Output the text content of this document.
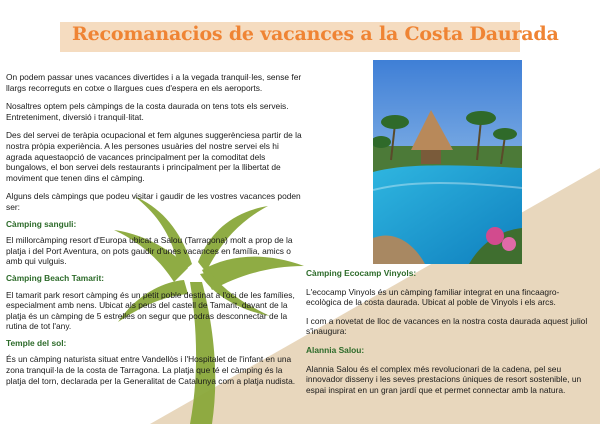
Recomanacios de vacances a la Costa Daurada

On podem passar unes vacances divertides i a la vegada tranquil·les, sense fer llargs recorreguts en cotxe o llargues cues d'espera en els aeroports.

Nosaltres optem pels càmpings de la costa daurada on tens tots els serveis. Entreteniment, diversió i tranquil·litat.

Des del servei de teràpia ocupacional et fem algunes suggerènciesa partir de la nostra pròpia experiència. A les persones usuàries del nostre servei els hi agrada aquestaopció de vacances principalment per la comoditat dels bungalows, el bon servei dels restaurants i principalment per la llibertat de moviment que tenen dins el càmping.

Alguns dels càmpings que podeu visitar i gaudir de les vostres vacances poden ser:

Càmping sanguli:

El millorcàmping resort d'Europa ubicat a Salou (Tarragona) molt a prop de la platja i del Port Aventura, on pots gaudir d'unes vacances en família, amics o amb qui vulguis.

Càmping Beach Tamarit:

El tamarit park resort càmping és un petit poble destinat a l'oci de les famílies, especialment amb nens. Ubicat als peus del castell de Tamarit, davant de la platja és un càmping de 5 estrelles on segur que podras desconnectar de la rutina de tot l'any.

Temple del sol:

És un càmping naturista situat entre Vandellòs i l'Hospitalet de l'infant en una zona tranquil·la de la costa de Tarragona. La platja que té el càmping és la platja del torn, declarada per la Generalitat de Catalunya com a platja nudista.

Càmping Ecocamp Vinyols:

L'ecocamp Vinyols és un càmping familiar integrat en una fincaagro-ecològica de la costa daurada. Ubicat al poble de Vinyols i els arcs.

I com a novetat de lloc de vacances en la nostra costa daurada aquest juliol s'inaugura:

Alannia Salou:

Alannia Salou és el complex més revolucionari de la cadena, pel seu innovador disseny i les seves prestacions úniques de resort sostenible, un espai inspirat en un gran jardí que et permet connectar amb la natura.
